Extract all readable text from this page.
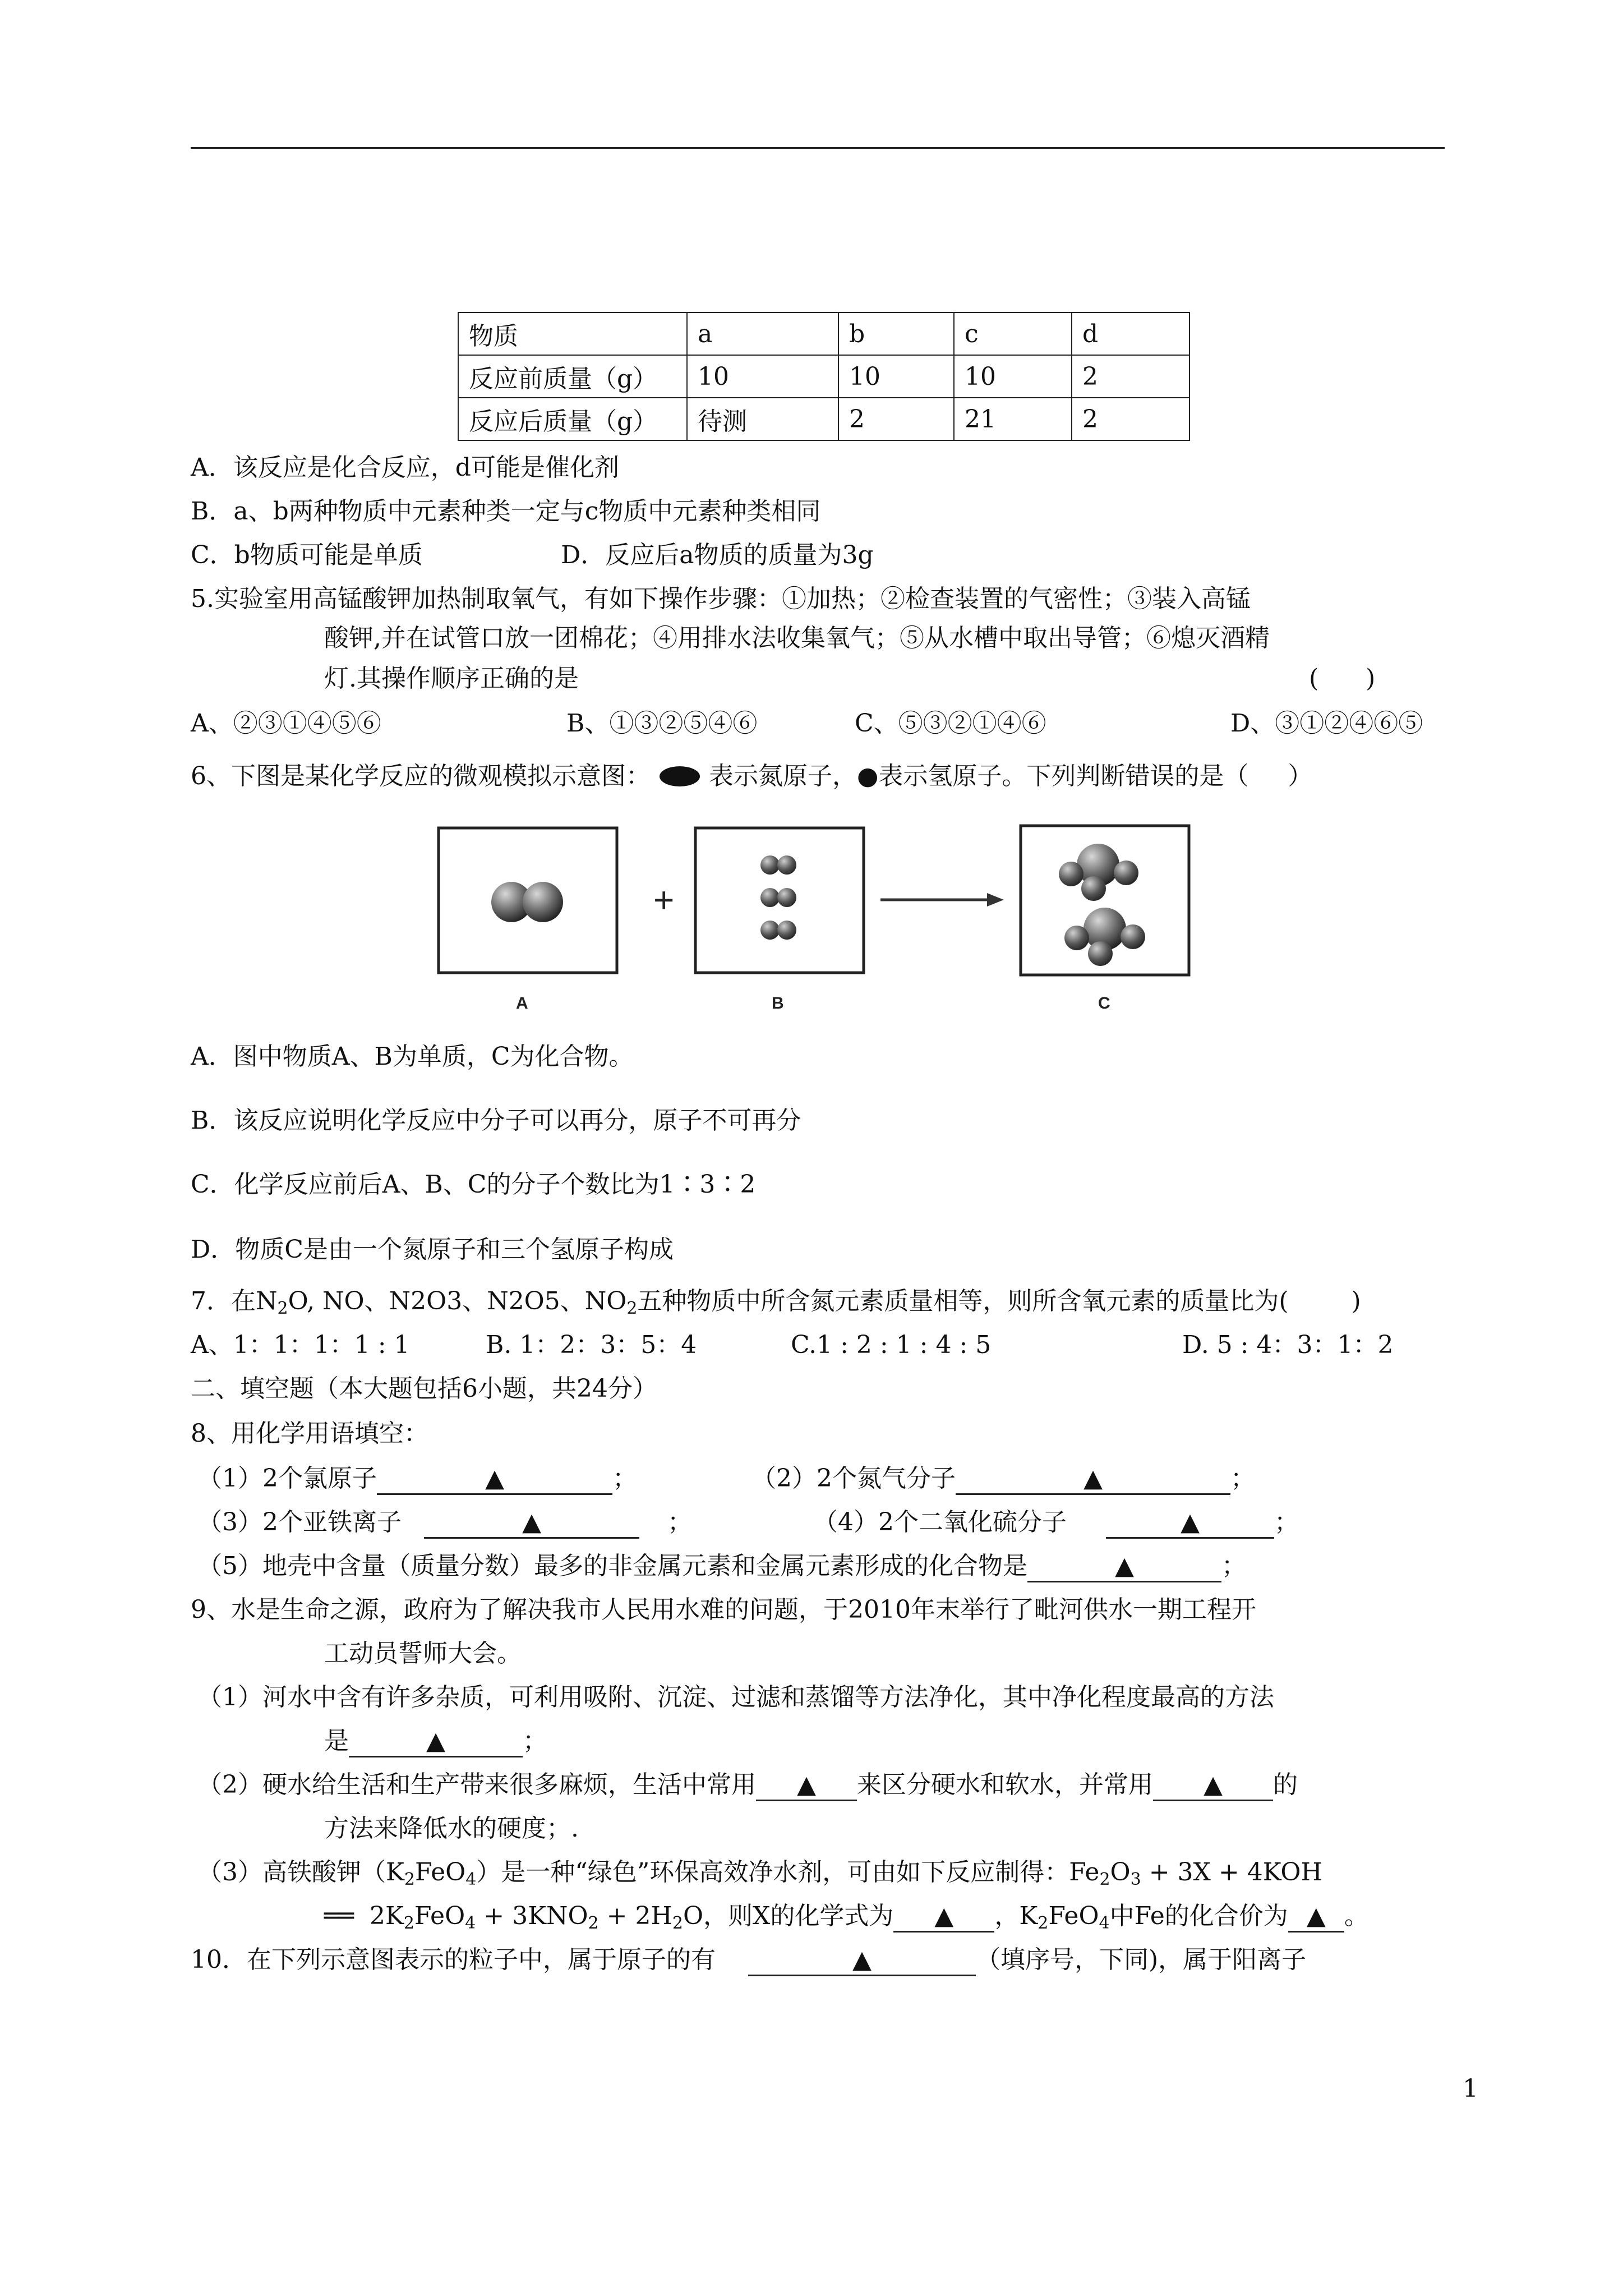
物质	a	b	c	d
反应前质量（g）	10	10	10	2
反应后质量（g）	待测	2	21	2
A．该反应是化合反应，d可能是催化剂
B．a、b两种物质中元素种类一定与c物质中元素种类相同
C．b物质可能是单质	D．反应后a物质的质量为3g
5.实验室用高锰酸钾加热制取氧气，有如下操作步骤：①加热；②检查装置的气密性；③装入高锰
酸钾,并在试管口放一团棉花；④用排水法收集氧气；⑤从水槽中取出导管；⑥熄灭酒精
灯.其操作顺序正确的是	(      )
A、②③①④⑤⑥	B、①③②⑤④⑥	C、⑤③②①④⑥	D、③①②④⑥⑤
6、下图是某化学反应的微观模拟示意图： 表示氮原子，●表示氢原子。下列判断错误的是（     ）
+
A	B	C
A．图中物质A、B为单质，C为化合物。
B．该反应说明化学反应中分子可以再分，原子不可再分
C．化学反应前后A、B、C的分子个数比为1∶3∶2
D．物质C是由一个氮原子和三个氢原子构成
7．在$N_2O$, NO、N2O3、N2O5、$NO_2$五种物质中所含氮元素质量相等，则所含氧元素的质量比为(        )
A、1：1：1：1 : 1	B. 1：2：3：5：4	C.1 : 2 : 1 : 4 : 5	D. 5 : 4：3：1：2
二、填空题（本大题包括6小题，共24分）
8、用化学用语填空：
（1）2个氯原子	▲	；	（2）2个氮气分子	▲	；
（3）2个亚铁离子	▲	；	（4）2个二氧化硫分子	▲	；
（5）地壳中含量（质量分数）最多的非金属元素和金属元素形成的化合物是	▲	；
9、水是生命之源，政府为了解决我市人民用水难的问题，于2010年末举行了毗河供水一期工程开
工动员誓师大会。
（1）河水中含有许多杂质，可利用吸附、沉淀、过滤和蒸馏等方法净化，其中净化程度最高的方法
是	▲	；
（2）硬水给生活和生产带来很多麻烦，生活中常用 ▲ 来区分硬水和软水，并常用 ▲ 的
方法来降低水的硬度；.
（3）高铁酸钾$(K_2FeO_4)$是一种“绿色”环保高效净水剂，可由如下反应制得：$Fe_2O_3 + 3X + 4KOH$
══  $2K_2FeO_4 + 3KNO_2 + 2H_2O$，则X的化学式为 ▲ ，$K_2FeO_4$中Fe的化合价为 ▲ 。
10．在下列示意图表示的粒子中，属于原子的有	▲	（填序号，下同)，属于阳离子
1
